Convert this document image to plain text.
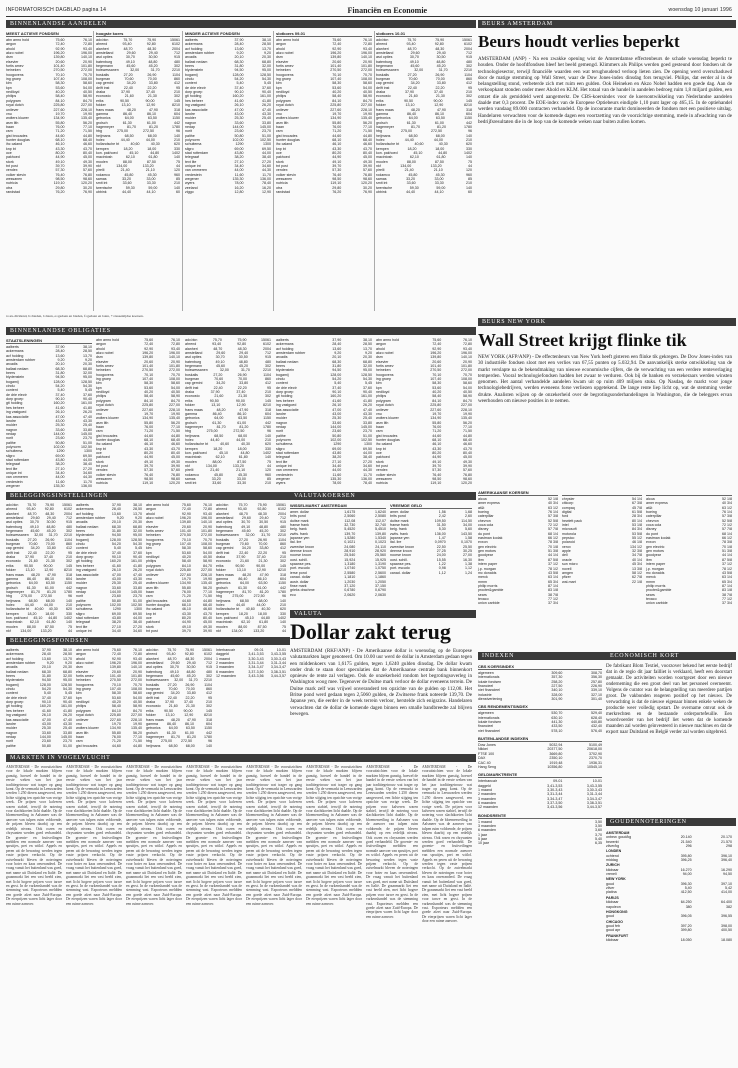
INFORMATORISCH DAGBLAD pagina 14	Financiën en Economie	woensdag 10 januari 1996
BINNENLANDSE AANDELEN
MEEST ACTIEVE FONDSEN
abn amro hold	75,60	76,10
aegon	72,40	72,80
ahold	92,90	93,40
akzo nobel	196,20	196,00
dsm	139,80	140,10
elsevier	20,60	20,90
fortis amev	101,40	101,80
heineken	270,50	272,00
hoogovens	70,10	70,70
ing groep	107,40	108,00
klm	58,30	58,60
kpn	53,60	54,00
nedlloyd	40,20	40,50
philips	58,40	58,90
polygram	84,10	84,70
royal dutch	225,80	227,00
unilever	227,60	228,10
vnu	19,70	19,90
wolters kluwer	134,90	135,40
asm lith	55,80	56,20
baan	76,00	77,10
csm	71,20	71,50
gist brocades	44,60	44,80
hunter douglas	68,10	68,40
ihc caland	46,10	46,60
knp bt	43,30	43,70
oce	80,20	80,40
pakhoed	44,90	45,00
stork	49,10	49,30
tnt post	39,70	39,90
vendex	57,30	57,60
volker stevin	76,40	76,80
wessanen	98,50	98,60
nutricia	119,10	120,20
otra	29,80	30,20
randstad	76,20	76,90
hoogste koers
adv.bkn	75,70	75,90	15061
ahrend	93,40	92,80	6102
alanheri	48,70	48,30	2004
amstelland	29,60	29,40	712
asd opties	30,70	30,50	915
batenburg	49,10	48,80	480
begemann	45,60	45,20	302
bolswessanen	32,00	31,70	2210
boskalis	27,20	26,90	1104
burgman	70,60	70,00	860
cap gemini	34,20	33,80	412
delft inst	22,40	22,20	95
draka	37,90	37,40	210
econosto	21,60	21,30	302
eriks	90,50	90,00	145
fokker	13,10	12,90	8210
frans maas	48,20	47,90	318
gamma	86,40	86,10	604
getronics	64,00	63,50	1150
grolsch	61,30	61,00	442
hagemeyer	81,70	81,20	1780
hbg	275,00	272,50	96
heijmans	68,50	68,00	140
holec	44,40	44,00	210
hollandsche bt	40,60	40,30	620
kempen	18,20	18,00	330
kon. pakhoed	45,10	44,80	1402
macintosh	62,10	61,80	140
moolen	88,00	87,50	75
nkf	134,00	133,20	44
pirelli	21,40	21,10	120
rodamco	45,80	45,30	960
samas	33,20	33,00	85
smit int	33,60	33,30	210
twentsche	59,30	59,00	140
ubbink	44,40	44,10	60
MINDER ACTIEVE FONDSEN
aalberts	37,90	38,10
ackermans	28,40	28,50
acf holding	13,60	13,70
amsterdam rubber	9,20	9,20
arcadis	20,10	20,30
ballast nedam	68,30	68,80
beers	31,80	32,00
blydenstein	94,50	95,00
bogamij	128,00	128,50
cindu	54,20	54,30
content	5,40	5,45
de drie electr	37,40	37,60
dorp groep	90,10	90,40
gti holding	160,20	161,00
hes beheer	41,60	41,80
ing vastgoed	26,10	26,20
kas associatie	47,00	47,40
landre	43,00	43,30
mulder	25,30	25,40
nagron	33,60	33,80
nedap	144,00	145,00
norit	23,60	23,70
palthe	50,80	51,00
polynorm	102,00	102,50
schuitema	1290	1300
sligro	69,00	69,50
stad rotterdam	43,80	44,00
telegraaf	38,20	38,40
text lite	27,10	27,20
unique int	34,40	34,60
van ommeren	44,00	44,30
vredestein	11,60	11,70
wegener	135,30	136,00
wyers	78,00	78,40
zeeland	16,20	16,20
ziggo	12,80	12,90
slotkoers 09-01
abn amro hold	75,60	76,10
aegon	72,40	72,80
ahold	92,90	93,40
akzo nobel	196,20	196,00
dsm	139,80	140,10
elsevier	20,60	20,90
fortis amev	101,40	101,80
heineken	270,50	272,00
hoogovens	70,10	70,70
ing groep	107,40	108,00
klm	58,30	58,60
kpn	53,60	54,00
nedlloyd	40,20	40,50
philips	58,40	58,90
polygram	84,10	84,70
royal dutch	225,80	227,00
unilever	227,60	228,10
vnu	19,70	19,90
wolters kluwer	134,90	135,40
asm lith	55,80	56,20
baan	76,00	77,10
csm	71,20	71,50
gist brocades	44,60	44,80
hunter douglas	68,10	68,40
ihc caland	46,10	46,60
knp bt	43,30	43,70
oce	80,20	80,40
pakhoed	44,90	45,00
stork	49,10	49,30
tnt post	39,70	39,90
vendex	57,30	57,60
volker stevin	76,40	76,80
wessanen	98,50	98,60
nutricia	119,10	120,20
otra	29,80	30,20
randstad	76,20	76,90
slotkoers 10-01
adv.bkn	75,70	75,90	15061
ahrend	93,40	92,80	6102
alanheri	48,70	48,30	2004
amstelland	29,60	29,40	712
asd opties	30,70	30,50	915
batenburg	49,10	48,80	480
begemann	45,60	45,20	302
bolswessanen	32,00	31,70	2210
boskalis	27,20	26,90	1104
burgman	70,60	70,00	860
cap gemini	34,20	33,80	412
delft inst	22,40	22,20	95
draka	37,90	37,40	210
econosto	21,60	21,30	302
eriks	90,50	90,00	145
fokker	13,10	12,90	8210
frans maas	48,20	47,90	318
gamma	86,40	86,10	604
getronics	64,00	63,50	1150
grolsch	61,30	61,00	442
hagemeyer	81,70	81,20	1780
hbg	275,00	272,50	96
heijmans	68,50	68,00	140
holec	44,40	44,00	210
hollandsche bt	40,60	40,30	620
kempen	18,20	18,00	330
kon. pakhoed	45,10	44,80	1402
macintosh	62,10	61,80	140
moolen	88,00	87,50	75
nkf	134,00	133,20	44
pirelli	21,40	21,10	120
rodamco	45,80	45,30	960
samas	33,20	33,00	85
smit int	33,60	33,30	210
twentsche	59,30	59,00	140
ubbink	44,40	44,10	60
x=ex-dividend, b=bieden, l=laten, e=gedaan en bieden, f=gedaan en laten, +=tussentijdse koersen.
BINNENLANDSE OBLIGATIES
STAATSLENINGEN
aalberts	37,90	38,10
ackermans	28,40	28,50
acf holding	13,60	13,70
amsterdam rubber	9,20	9,20
arcadis	20,10	20,30
ballast nedam	68,30	68,80
beers	31,80	32,00
blydenstein	94,50	95,00
bogamij	128,00	128,50
cindu	54,20	54,30
content	5,40	5,45
de drie electr	37,40	37,60
dorp groep	90,10	90,40
gti holding	160,20	161,00
hes beheer	41,60	41,80
ing vastgoed	26,10	26,20
kas associatie	47,00	47,40
landre	43,00	43,30
mulder	25,30	25,40
nagron	33,60	33,80
nedap	144,00	145,00
norit	23,60	23,70
palthe	50,80	51,00
polynorm	102,00	102,50
schuitema	1290	1300
sligro	69,00	69,50
stad rotterdam	43,80	44,00
telegraaf	38,20	38,40
text lite	27,10	27,20
unique int	34,40	34,60
van ommeren	44,00	44,30
vredestein	11,60	11,70
wegener	135,30	136,00
abn amro hold	75,60	76,10
aegon	72,40	72,80
ahold	92,90	93,40
akzo nobel	196,20	196,00
dsm	139,80	140,10
elsevier	20,60	20,90
fortis amev	101,40	101,80
heineken	270,50	272,00
hoogovens	70,10	70,70
ing groep	107,40	108,00
klm	58,30	58,60
kpn	53,60	54,00
nedlloyd	40,20	40,50
philips	58,40	58,90
polygram	84,10	84,70
royal dutch	225,80	227,00
unilever	227,60	228,10
vnu	19,70	19,90
wolters kluwer	134,90	135,40
asm lith	55,80	56,20
baan	76,00	77,10
csm	71,20	71,50
gist brocades	44,60	44,80
hunter douglas	68,10	68,40
ihc caland	46,10	46,60
knp bt	43,30	43,70
oce	80,20	80,40
pakhoed	44,90	45,00
stork	49,10	49,30
tnt post	39,70	39,90
vendex	57,30	57,60
volker stevin	76,40	76,80
wessanen	98,50	98,60
nutricia	119,10	120,20
adv.bkn	75,70	75,90	15061
ahrend	93,40	92,80	6102
alanheri	48,70	48,30	2004
amstelland	29,60	29,40	712
asd opties	30,70	30,50	915
batenburg	49,10	48,80	480
begemann	45,60	45,20	302
bolswessanen	32,00	31,70	2210
boskalis	27,20	26,90	1104
burgman	70,60	70,00	860
cap gemini	34,20	33,80	412
delft inst	22,40	22,20	95
draka	37,90	37,40	210
econosto	21,60	21,30	302
eriks	90,50	90,00	145
fokker	13,10	12,90	8210
frans maas	48,20	47,90	318
gamma	86,40	86,10	604
getronics	64,00	63,50	1150
grolsch	61,30	61,00	442
hagemeyer	81,70	81,20	1780
hbg	275,00	272,50	96
heijmans	68,50	68,00	140
holec	44,40	44,00	210
hollandsche bt	40,60	40,30	620
kempen	18,20	18,00	330
kon. pakhoed	45,10	44,80	1402
macintosh	62,10	61,80	140
moolen	88,00	87,50	75
nkf	134,00	133,20	44
pirelli	21,40	21,10	120
rodamco	45,80	45,30	960
samas	33,20	33,00	85
smit int	33,60	33,30	210
aalberts	37,90	38,10
ackermans	28,40	28,50
acf holding	13,60	13,70
amsterdam rubber	9,20	9,20
arcadis	20,10	20,30
ballast nedam	68,30	68,80
beers	31,80	32,00
blydenstein	94,50	95,00
bogamij	128,00	128,50
cindu	54,20	54,30
content	5,40	5,45
de drie electr	37,40	37,60
dorp groep	90,10	90,40
gti holding	160,20	161,00
hes beheer	41,60	41,80
ing vastgoed	26,10	26,20
kas associatie	47,00	47,40
landre	43,00	43,30
mulder	25,30	25,40
nagron	33,60	33,80
nedap	144,00	145,00
norit	23,60	23,70
palthe	50,80	51,00
polynorm	102,00	102,50
schuitema	1290	1300
sligro	69,00	69,50
stad rotterdam	43,80	44,00
telegraaf	38,20	38,40
text lite	27,10	27,20
unique int	34,40	34,60
van ommeren	44,00	44,30
vredestein	11,60	11,70
wegener	135,30	136,00
wyers	78,00	78,40
abn amro hold	75,60	76,10
aegon	72,40	72,80
ahold	92,90	93,40
akzo nobel	196,20	196,00
dsm	139,80	140,10
elsevier	20,60	20,90
fortis amev	101,40	101,80
heineken	270,50	272,00
hoogovens	70,10	70,70
ing groep	107,40	108,00
klm	58,30	58,60
kpn	53,60	54,00
nedlloyd	40,20	40,50
philips	58,40	58,90
polygram	84,10	84,70
royal dutch	225,80	227,00
unilever	227,60	228,10
vnu	19,70	19,90
wolters kluwer	134,90	135,40
asm lith	55,80	56,20
baan	76,00	77,10
csm	71,20	71,50
gist brocades	44,60	44,80
hunter douglas	68,10	68,40
ihc caland	46,10	46,60
knp bt	43,30	43,70
oce	80,20	80,40
pakhoed	44,90	45,00
stork	49,10	49,30
tnt post	39,70	39,90
vendex	57,30	57,60
volker stevin	76,40	76,80
wessanen	98,50	98,60
nutricia	119,10	120,20
BELEGGINGSINSTELLINGEN
adv.bkn	75,70	75,90	15061
ahrend	93,40	92,80	6102
alanheri	48,70	48,30	2004
amstelland	29,60	29,40	712
asd opties	30,70	30,50	915
batenburg	49,10	48,80	480
begemann	45,60	45,20	302
bolswessanen	32,00	31,70	2210
boskalis	27,20	26,90	1104
burgman	70,60	70,00	860
cap gemini	34,20	33,80	412
delft inst	22,40	22,20	95
draka	37,90	37,40	210
econosto	21,60	21,30	302
eriks	90,50	90,00	145
fokker	13,10	12,90	8210
frans maas	48,20	47,90	318
gamma	86,40	86,10	604
getronics	64,00	63,50	1150
grolsch	61,30	61,00	442
hagemeyer	81,70	81,20	1780
hbg	275,00	272,50	96
heijmans	68,50	68,00	140
holec	44,40	44,00	210
hollandsche bt	40,60	40,30	620
kempen	18,20	18,00	330
kon. pakhoed	45,10	44,80	1402
macintosh	62,10	61,80	140
moolen	88,00	87,50	75
nkf	134,00	133,20	44
aalberts	37,90	38,10
ackermans	28,40	28,50
acf holding	13,60	13,70
amsterdam rubber	9,20	9,20
arcadis	20,10	20,30
ballast nedam	68,30	68,80
beers	31,80	32,00
blydenstein	94,50	95,00
bogamij	128,00	128,50
cindu	54,20	54,30
content	5,40	5,45
de drie electr	37,40	37,60
dorp groep	90,10	90,40
gti holding	160,20	161,00
hes beheer	41,60	41,80
ing vastgoed	26,10	26,20
kas associatie	47,00	47,40
landre	43,00	43,30
mulder	25,30	25,40
nagron	33,60	33,80
nedap	144,00	145,00
norit	23,60	23,70
palthe	50,80	51,00
polynorm	102,00	102,50
schuitema	1290	1300
sligro	69,00	69,50
stad rotterdam	43,80	44,00
telegraaf	38,20	38,40
text lite	27,10	27,20
unique int	34,40	34,60
abn amro hold	75,60	76,10
aegon	72,40	72,80
ahold	92,90	93,40
akzo nobel	196,20	196,00
dsm	139,80	140,10
elsevier	20,60	20,90
fortis amev	101,40	101,80
heineken	270,50	272,00
hoogovens	70,10	70,70
ing groep	107,40	108,00
klm	58,30	58,60
kpn	53,60	54,00
nedlloyd	40,20	40,50
philips	58,40	58,90
polygram	84,10	84,70
royal dutch	225,80	227,00
unilever	227,60	228,10
vnu	19,70	19,90
wolters kluwer	134,90	135,40
asm lith	55,80	56,20
baan	76,00	77,10
csm	71,20	71,50
gist brocades	44,60	44,80
hunter douglas	68,10	68,40
ihc caland	46,10	46,60
knp bt	43,30	43,70
oce	80,20	80,40
pakhoed	44,90	45,00
stork	49,10	49,30
tnt post	39,70	39,90
adv.bkn	75,70	75,90	15061
ahrend	93,40	92,80	6102
alanheri	48,70	48,30	2004
amstelland	29,60	29,40	712
asd opties	30,70	30,50	915
batenburg	49,10	48,80	480
begemann	45,60	45,20	302
bolswessanen	32,00	31,70	2210
boskalis	27,20	26,90	1104
burgman	70,60	70,00	860
cap gemini	34,20	33,80	412
delft inst	22,40	22,20	95
draka	37,90	37,40	210
econosto	21,60	21,30	302
eriks	90,50	90,00	145
fokker	13,10	12,90	8210
frans maas	48,20	47,90	318
gamma	86,40	86,10	604
getronics	64,00	63,50	1150
grolsch	61,30	61,00	442
hagemeyer	81,70	81,20	1780
hbg	275,00	272,50	96
heijmans	68,50	68,00	140
holec	44,40	44,00	210
hollandsche bt	40,60	40,30	620
kempen	18,20	18,00	330
kon. pakhoed	45,10	44,80	1402
macintosh	62,10	61,80	140
moolen	88,00	87,50	75
nkf	134,00	133,20	44
BELEGGINGSFONDSEN
aalberts	37,90	38,10
ackermans	28,40	28,50
acf holding	13,60	13,70
amsterdam rubber	9,20	9,20
arcadis	20,10	20,30
ballast nedam	68,30	68,80
beers	31,80	32,00
blydenstein	94,50	95,00
bogamij	128,00	128,50
cindu	54,20	54,30
content	5,40	5,45
de drie electr	37,40	37,60
dorp groep	90,10	90,40
gti holding	160,20	161,00
hes beheer	41,60	41,80
ing vastgoed	26,10	26,20
kas associatie	47,00	47,40
landre	43,00	43,30
mulder	25,30	25,40
nagron	33,60	33,80
nedap	144,00	145,00
norit	23,60	23,70
palthe	50,80	51,00
abn amro hold	75,60	76,10
aegon	72,40	72,80
ahold	92,90	93,40
akzo nobel	196,20	196,00
dsm	139,80	140,10
elsevier	20,60	20,90
fortis amev	101,40	101,80
heineken	270,50	272,00
hoogovens	70,10	70,70
ing groep	107,40	108,00
klm	58,30	58,60
kpn	53,60	54,00
nedlloyd	40,20	40,50
philips	58,40	58,90
polygram	84,10	84,70
royal dutch	225,80	227,00
unilever	227,60	228,10
vnu	19,70	19,90
wolters kluwer	134,90	135,40
asm lith	55,80	56,20
baan	76,00	77,10
csm	71,20	71,50
gist brocades	44,60	44,80
adv.bkn	75,70	75,90	15061
ahrend	93,40	92,80	6102
alanheri	48,70	48,30	2004
amstelland	29,60	29,40	712
asd opties	30,70	30,50	915
batenburg	49,10	48,80	480
begemann	45,60	45,20	302
bolswessanen	32,00	31,70	2210
boskalis	27,20	26,90	1104
burgman	70,60	70,00	860
cap gemini	34,20	33,80	412
delft inst	22,40	22,20	95
draka	37,90	37,40	210
econosto	21,60	21,30	302
eriks	90,50	90,00	145
fokker	13,10	12,90	8210
frans maas	48,20	47,90	318
gamma	86,40	86,10	604
getronics	64,00	63,50	1150
grolsch	61,30	61,00	442
hagemeyer	81,70	81,20	1780
hbg	275,00	272,50	96
heijmans	68,50	68,00	140
Interbancair	09-01	10-01
daggeld	3,41-3,53	3,43-3,55
1 maand	3,30-3,43	3,30-3,43
2 maanden	3,31-3,44	3,31-3,44
3 maanden	3,34-3,47	3,34-3,47
6 maanden	3,37-3,50	3,38-3,51
12 maanden	3,43-3,56	3,44-3,57
MARKTEN IN VOGELVLUCHT
AMSTERDAM - De vooruitzichten voor de lokale markten blijven gunstig, hoewel de handel in de eerste weken van het jaar traditiegetrouw wat trager op gang komt. Op de veemarkt in Leeuwarden werden 1.250 dieren aangevoerd, een lichte stijging ten opzichte van vorige week. De prijzen voor kalveren waren stabiel, terwijl de notering voor slachtkoeien licht daalde. Op de bloemenveiling in Aalsmeer was de aanvoer van tulpen ruim voldoende, de prijzen bleven daarbij op een redelijk niveau. Ook rozen en chrysanten werden goed verhandeld. De groente- en fruitveilingen meldden een normale aanvoer van spruitjes, prei en witlof. Appels en peren uit de bewaring werden tegen vaste prijzen verkocht. Op de zuivelmarkt bleven de noteringen voor boter en kaas onveranderd. De vraag vanuit het buitenland was goed, met name uit Duitsland en Italië. De graanmarkt liet een vast beeld zien, met licht hogere prijzen voor tarwe en gerst. In de varkenshandel was de stemming vast. Exporteurs meldden een goede afzet naar Zuid-Europa. De eierprijzen waren licht lager door een ruime aanvoer.
AMSTERDAM - De vooruitzichten voor de lokale markten blijven gunstig, hoewel de handel in de eerste weken van het jaar traditiegetrouw wat trager op gang komt. Op de veemarkt in Leeuwarden werden 1.250 dieren aangevoerd, een lichte stijging ten opzichte van vorige week. De prijzen voor kalveren waren stabiel, terwijl de notering voor slachtkoeien licht daalde. Op de bloemenveiling in Aalsmeer was de aanvoer van tulpen ruim voldoende, de prijzen bleven daarbij op een redelijk niveau. Ook rozen en chrysanten werden goed verhandeld. De groente- en fruitveilingen meldden een normale aanvoer van spruitjes, prei en witlof. Appels en peren uit de bewaring werden tegen vaste prijzen verkocht. Op de zuivelmarkt bleven de noteringen voor boter en kaas onveranderd. De vraag vanuit het buitenland was goed, met name uit Duitsland en Italië. De graanmarkt liet een vast beeld zien, met licht hogere prijzen voor tarwe en gerst. In de varkenshandel was de stemming vast. Exporteurs meldden een goede afzet naar Zuid-Europa. De eierprijzen waren licht lager door een ruime aanvoer.
AMSTERDAM - De vooruitzichten voor de lokale markten blijven gunstig, hoewel de handel in de eerste weken van het jaar traditiegetrouw wat trager op gang komt. Op de veemarkt in Leeuwarden werden 1.250 dieren aangevoerd, een lichte stijging ten opzichte van vorige week. De prijzen voor kalveren waren stabiel, terwijl de notering voor slachtkoeien licht daalde. Op de bloemenveiling in Aalsmeer was de aanvoer van tulpen ruim voldoende, de prijzen bleven daarbij op een redelijk niveau. Ook rozen en chrysanten werden goed verhandeld. De groente- en fruitveilingen meldden een normale aanvoer van spruitjes, prei en witlof. Appels en peren uit de bewaring werden tegen vaste prijzen verkocht. Op de zuivelmarkt bleven de noteringen voor boter en kaas onveranderd. De vraag vanuit het buitenland was goed, met name uit Duitsland en Italië. De graanmarkt liet een vast beeld zien, met licht hogere prijzen voor tarwe en gerst. In de varkenshandel was de stemming vast. Exporteurs meldden een goede afzet naar Zuid-Europa. De eierprijzen waren licht lager door een ruime aanvoer.
AMSTERDAM - De vooruitzichten voor de lokale markten blijven gunstig, hoewel de handel in de eerste weken van het jaar traditiegetrouw wat trager op gang komt. Op de veemarkt in Leeuwarden werden 1.250 dieren aangevoerd, een lichte stijging ten opzichte van vorige week. De prijzen voor kalveren waren stabiel, terwijl de notering voor slachtkoeien licht daalde. Op de bloemenveiling in Aalsmeer was de aanvoer van tulpen ruim voldoende, de prijzen bleven daarbij op een redelijk niveau. Ook rozen en chrysanten werden goed verhandeld. De groente- en fruitveilingen meldden een normale aanvoer van spruitjes, prei en witlof. Appels en peren uit de bewaring werden tegen vaste prijzen verkocht. Op de zuivelmarkt bleven de noteringen voor boter en kaas onveranderd. De vraag vanuit het buitenland was goed, met name uit Duitsland en Italië. De graanmarkt liet een vast beeld zien, met licht hogere prijzen voor tarwe en gerst. In de varkenshandel was de stemming vast. Exporteurs meldden een goede afzet naar Zuid-Europa. De eierprijzen waren licht lager door een ruime aanvoer.
AMSTERDAM - De vooruitzichten voor de lokale markten blijven gunstig, hoewel de handel in de eerste weken van het jaar traditiegetrouw wat trager op gang komt. Op de veemarkt in Leeuwarden werden 1.250 dieren aangevoerd, een lichte stijging ten opzichte van vorige week. De prijzen voor kalveren waren stabiel, terwijl de notering voor slachtkoeien licht daalde. Op de bloemenveiling in Aalsmeer was de aanvoer van tulpen ruim voldoende, de prijzen bleven daarbij op een redelijk niveau. Ook rozen en chrysanten werden goed verhandeld. De groente- en fruitveilingen meldden een normale aanvoer van spruitjes, prei en witlof. Appels en peren uit de bewaring werden tegen vaste prijzen verkocht. Op de zuivelmarkt bleven de noteringen voor boter en kaas onveranderd. De vraag vanuit het buitenland was goed, met name uit Duitsland en Italië. De graanmarkt liet een vast beeld zien, met licht hogere prijzen voor tarwe en gerst. In de varkenshandel was de stemming vast. Exporteurs meldden een goede afzet naar Zuid-Europa. De eierprijzen waren licht lager door een ruime aanvoer.
AMSTERDAM - De vooruitzichten voor de lokale markten blijven gunstig, hoewel de handel in de eerste weken van het jaar traditiegetrouw wat trager op gang komt. Op de veemarkt in Leeuwarden werden 1.250 dieren aangevoerd, een lichte stijging ten opzichte van vorige week. De prijzen voor kalveren waren stabiel, terwijl de notering voor slachtkoeien licht daalde. Op de bloemenveiling in Aalsmeer was de aanvoer van tulpen ruim voldoende, de prijzen bleven daarbij op een redelijk niveau. Ook rozen en chrysanten werden goed verhandeld. De groente- en fruitveilingen meldden een normale aanvoer van spruitjes, prei en witlof. Appels en peren uit de bewaring werden tegen vaste prijzen verkocht. Op de zuivelmarkt bleven de noteringen voor boter en kaas onveranderd. De vraag vanuit het buitenland was goed, met name uit Duitsland en Italië. De graanmarkt liet een vast beeld zien, met licht hogere prijzen voor tarwe en gerst. In de varkenshandel was de stemming vast. Exporteurs meldden een goede afzet naar Zuid-Europa. De eierprijzen waren licht lager door een ruime aanvoer.
AMSTERDAM - De vooruitzichten voor de lokale markten blijven gunstig, hoewel de handel in de eerste weken van het jaar traditiegetrouw wat trager op gang komt. Op de veemarkt in Leeuwarden werden 1.250 dieren aangevoerd, een lichte stijging ten opzichte van vorige week. De prijzen voor kalveren waren stabiel, terwijl de notering voor slachtkoeien licht daalde. Op de bloemenveiling in Aalsmeer was de aanvoer van tulpen ruim voldoende, de prijzen bleven daarbij op een redelijk niveau. Ook rozen en chrysanten werden goed verhandeld. De groente- en fruitveilingen meldden een normale aanvoer van spruitjes, prei en witlof. Appels en peren uit de bewaring werden tegen vaste prijzen verkocht. Op de zuivelmarkt bleven de noteringen voor boter en kaas onveranderd. De vraag vanuit het buitenland was goed, met name uit Duitsland en Italië. De graanmarkt liet een vast beeld zien, met licht hogere prijzen voor tarwe en gerst. In de varkenshandel was de stemming vast. Exporteurs meldden een goede afzet naar Zuid-Europa. De eierprijzen waren licht lager door een ruime aanvoer.
AMSTERDAM - De vooruitzichten voor de lokale markten blijven gunstig, hoewel de handel in de eerste weken van het jaar traditiegetrouw wat trager op gang komt. Op de veemarkt in Leeuwarden werden 1.250 dieren aangevoerd, een lichte stijging ten opzichte van vorige week. De prijzen voor kalveren waren stabiel, terwijl de notering voor slachtkoeien licht daalde. Op de bloemenveiling in Aalsmeer was de aanvoer van tulpen ruim voldoende, de prijzen bleven daarbij op een redelijk niveau. Ook rozen en chrysanten werden goed verhandeld. De groente- en fruitveilingen meldden een normale aanvoer van spruitjes, prei en witlof. Appels en peren uit de bewaring werden tegen vaste prijzen verkocht. Op de zuivelmarkt bleven de noteringen voor boter en kaas onveranderd. De vraag vanuit het buitenland was goed, met name uit Duitsland en Italië. De graanmarkt liet een vast beeld zien, met licht hogere prijzen voor tarwe en gerst. In de varkenshandel was de stemming vast. Exporteurs meldden een goede afzet naar Zuid-Europa. De eierprijzen waren licht lager door een ruime aanvoer.
VALUTAKOERSEN
WISSELMARKT AMSTERDAM
amer. dollar	1,6175	1,6240
brits pond	2,5060	2,5080
duitse mark	112,08	112,07
franse frank	32,730	32,740
belg. frank	5,4520	5,4510
zwits. frank	139,70	139,80
japanse yen	1,5280	1,5340
ital. lire	0,1021	0,1023
zweedse kroon	24,080	24,110
deense kroon	28,910	28,920
noorse kroon	25,540	25,560
oost. schill.	15,924	15,925
spaanse pes.	1,3180	1,3190
port. escudo	1,0740	1,0750
ierse pond	2,5580	2,5600
canad. dollar	1,1810	1,1860
austr. dollar	1,2030	1,2050
finse mark	37,120	37,150
grieks drachme	0,6780	0,6790
ecu	2,0620	2,0630
VREEMDE GELD
amer. dollar	1,56	1,68
brits pond	2,42	2,60
duitse mark	109,50	114,50
franse frank	31,50	34,00
belg. frank	5,30	5,60
zwits. frank	136,00	143,50
japanse yen	1,47	1,58
ital. lire	0,0970	0,1070
zweedse kroon	22,50	25,50
deense kroon	27,25	30,25
noorse kroon	24,00	27,00
oost. schill.	15,55	16,30
spaanse pes.	1,22	1,38
port. escudo	0,98	1,12
canad. dollar	1,12	1,24
VALUTA
Dollar zakt terug
AMSTERDAM (RKF/ANP) - De Amerikaanse dollar is woensdag op de Europese valutamarkten lager genoteerd. Om 10.00 uur werd de dollar in Amsterdam gedaan tegen een middenkoers van 1,6175 gulden, tegen 1,6240 gulden dinsdag. De dollar kwam onder druk te staan door speculaties dat de Amerikaanse centrale bank binnenkort opnieuw de rente zal verlagen. Ook de onzekerheid rondom het begrotingsoverleg in Washington woog mee. Tegenover de Duitse mark verloor de dollar eveneens terrein. De Duitse mark zelf was vrijwel onveranderd ten opzichte van de gulden op 112,08. Het Britse pond werd gedaan tegen 2,5060 gulden, de Zwitserse frank noteerde 139,70. De Japanse yen, die eerder in de week terrein verloor, herstelde zich enigszins. Handelaren verwachten dat de dollar de komende dagen binnen een smalle bandbreedte zal blijven bewegen.
BEURS AMSTERDAM
Beurs houdt verlies beperkt
AMSTERDAM (ANP) - Na een zwakke opening wist de Amsterdamse effectenbeurs de schade woensdag beperkt te houden. Onder de hoofdfondsen bleef het beeld gemengd. Klimmers als Philips werden goed gesteund door fondsen uit de technologiesector, terwijl financiële waarden een wat terughoudend verloop lieten zien. De opening werd overschaduwd door de matige stemming op Wall Street, waar de Dow Jones-index dinsdag fors terugviel. Philips, dat eerder al in de belangstelling stond, verbeterde zich met ruim een gulden. Ook Heineken en Akzo Nobel hadden een goede dag. Aan de verkoopkant stonden onder meer Ahold en KLM. Het totaal van de handel in aandelen bedroeg ruim 1,8 miljard gulden, een omzet die als gemiddeld werd aangemerkt. De CBS-koersindex voor de koersontwikkeling van Nederlandse aandelen daalde met 0,3 procent. De EOE-index van de Europese Optiebeurs eindigde 1,10 punt lager op 465,15. In de optiehandel werden vandaag 89.000 contracten verhandeld. Op de incourante markt domineerden de fondsen met een positieve uitslag. Handelaren verwachten voor de komende dagen een voortzetting van de voorzichtige stemming, mede in afwachting van de bedrijfsresultaten die in de loop van de komende weken naar buiten zullen komen.
BEURS NEW YORK
Wall Street krijgt flinke tik
NEW YORK (AFP/ANP) - De effectenbeurs van New York heeft gisteren een flinke tik gekregen. De Dow Jones-index van 30 industriële fondsen sloot met een verlies van 67,55 punten op 5.032,94. De aanvankelijk sterke ontwikkeling van de markt verslapte na de bekendmaking van nieuwe economische cijfers, die de verwachting van een verdere renteverlaging temperden. Vooral technologiefondsen hadden het zwaar te verduren. Ook bij de banken en verzekeraars werden winsten genomen. Het aantal verhandelde aandelen kwam uit op ruim 409 miljoen stuks. Op Nasdaq, de markt voor jonge technologiebedrijven, werden eveneens forse verliezen opgetekend. De lange rente liep licht op, wat de stemming verder drukte. Analisten wijzen op de onzekerheid over de begrotingsonderhandelingen in Washington, die de beleggers ervan weerhouden om nieuwe posities in te nemen.
AMERIKAANSE KOERSEN
alcoa	52 1/8
amer express	40 3/4
at&t	63 1/2
boeing	76 1/4
caterpillar	57 3/8
chevron	52 5/8
coca cola	72 1/2
disney	57 7/8
du pont	68 1/4
eastman kodak	66 1/2
exxon	78 3/8
gen electric	70 1/8
gen motors	51 3/8
goodyear	44 1/4
ibm	87 5/8
intern paper	37 1/2
j.p. morgan	78 1/2
mc donalds	43 5/8
merck	63 1/4
mmm	65 3/4
philip morris	87 1/4
procter&gamble	83 1/8
sears	38 7/8
texaco	77 1/2
union carbide	37 3/4

chrysler	54 1/4
citicorp	67 3/8
compaq	45 7/8
digital	61 5/8
ford	28 3/4
hewlett pack	80 1/4
intel	53 1/8
microsoft	84 3/4
motorola	53 5/8
pepsico	55 1/2
polaroid	46 1/8
xerox	134 1/2
apple	32 3/8
dell	34 7/8
oracle	40 1/4
sun micro	45 3/4
novell	13 3/8
amgen	58 1/2
pfizer	62 7/8
wal-mart	22 1/8

alcoa	52 1/8
amer express	40 3/4
at&t	63 1/2
boeing	76 1/4
caterpillar	57 3/8
chevron	52 5/8
coca cola	72 1/2
disney	57 7/8
du pont	68 1/4
eastman kodak	66 1/2
exxon	78 3/8
gen electric	70 1/8
gen motors	51 3/8
goodyear	44 1/4
ibm	87 5/8
intern paper	37 1/2
j.p. morgan	78 1/2
mc donalds	43 5/8
merck	63 1/4
mmm	65 3/4
philip morris	87 1/4
procter&gamble	83 1/8
sears	38 7/8
texaco	77 1/2
union carbide	37 3/4
INDEXEN
CBS KOERSINDEX
algemeen	309,60	308,70
internationals	357,30	356,30
lokale fondsen	258,20	257,80
financieel	227,50	226,90
niet financieel	340,10	339,10
industrie	328,00	327,10
dienstverlening	301,90	301,40
CBS RENDEMENTSINDEX
algemeen	530,70	529,40
internationals	630,10	628,40
lokale fondsen	441,30	440,80
financieel	433,50	432,40
niet financieel	578,10	576,40
BUITENLANDSE INDEXEN
Dow Jones	5032,94	5100,49
Nikkei	20377,50	20618,00
FTSE 100	3669,80	3702,90
DAX	2350,10	2370,70
CAC 40	1919,48	1936,31
Hang Seng	10356,80	10545,10
GELDMARKTRENTE
Interbancair	09-01	10-01
daggeld	3,41-3,53	3,43-3,55
1 maand	3,30-3,43	3,30-3,43
2 maanden	3,31-3,44	3,31-3,44
3 maanden	3,34-3,47	3,34-3,47
6 maanden	3,37-3,50	3,38-3,51
12 maanden	3,43-3,56	3,44-3,57
BONDSRENTE
1 maand	3,50
3 maanden	3,50
6 maanden	3,60
1 jaar	3,70
5 jaar	5,40
10 jaar	6,35
ECONOMISCH KORT
De fabrikant Blom Textiel, voorzover bekend het eerste bedrijf dat in de regio dit jaar failliet is verklaard, heeft een doorstart gemaakt. De activiteiten worden voortgezet door een nieuwe onderneming die een groot deel van het personeel overneemt. Volgens de curator was de belangstelling van meerdere partijen groot. De vakbonden reageren positief op het nieuws. De verwachting is dat de nieuwe eigenaar binnen enkele weken de productie weer volledig opstart. De overname omvat ook de merkrechten en de bestaande orderportefeuille. Een woordvoerder van het bedrijf liet weten dat de komende maanden zal worden geïnvesteerd in nieuwe machines en dat de export naar Duitsland en België verder zal worden uitgebreid.
GOUDENNOTERINGEN
AMSTERDAM
onbew. goud/kg	20.140	20.170
bewerkt	21.540	21.570
zilver/kg	296	298
LONDEN
ochtend	395,80	396,10
middag	396,25	396,40
ZURICH
kilobaar	16.270	16.290
vreneli	94,00	94,50
NEW YORK
goud	396,30	397,10
zilver	5,40	5,42
platina	412,50	414,00
PARIJS
kilobaar	64.250	64.400
napoleon	380	382
HONGKONG
goud	396,05	396,55
CHICAGO
goud feb	397,20	398,00
goud apr	399,80	400,50
FRANKFURT
kilobaar	18.050	18.080
